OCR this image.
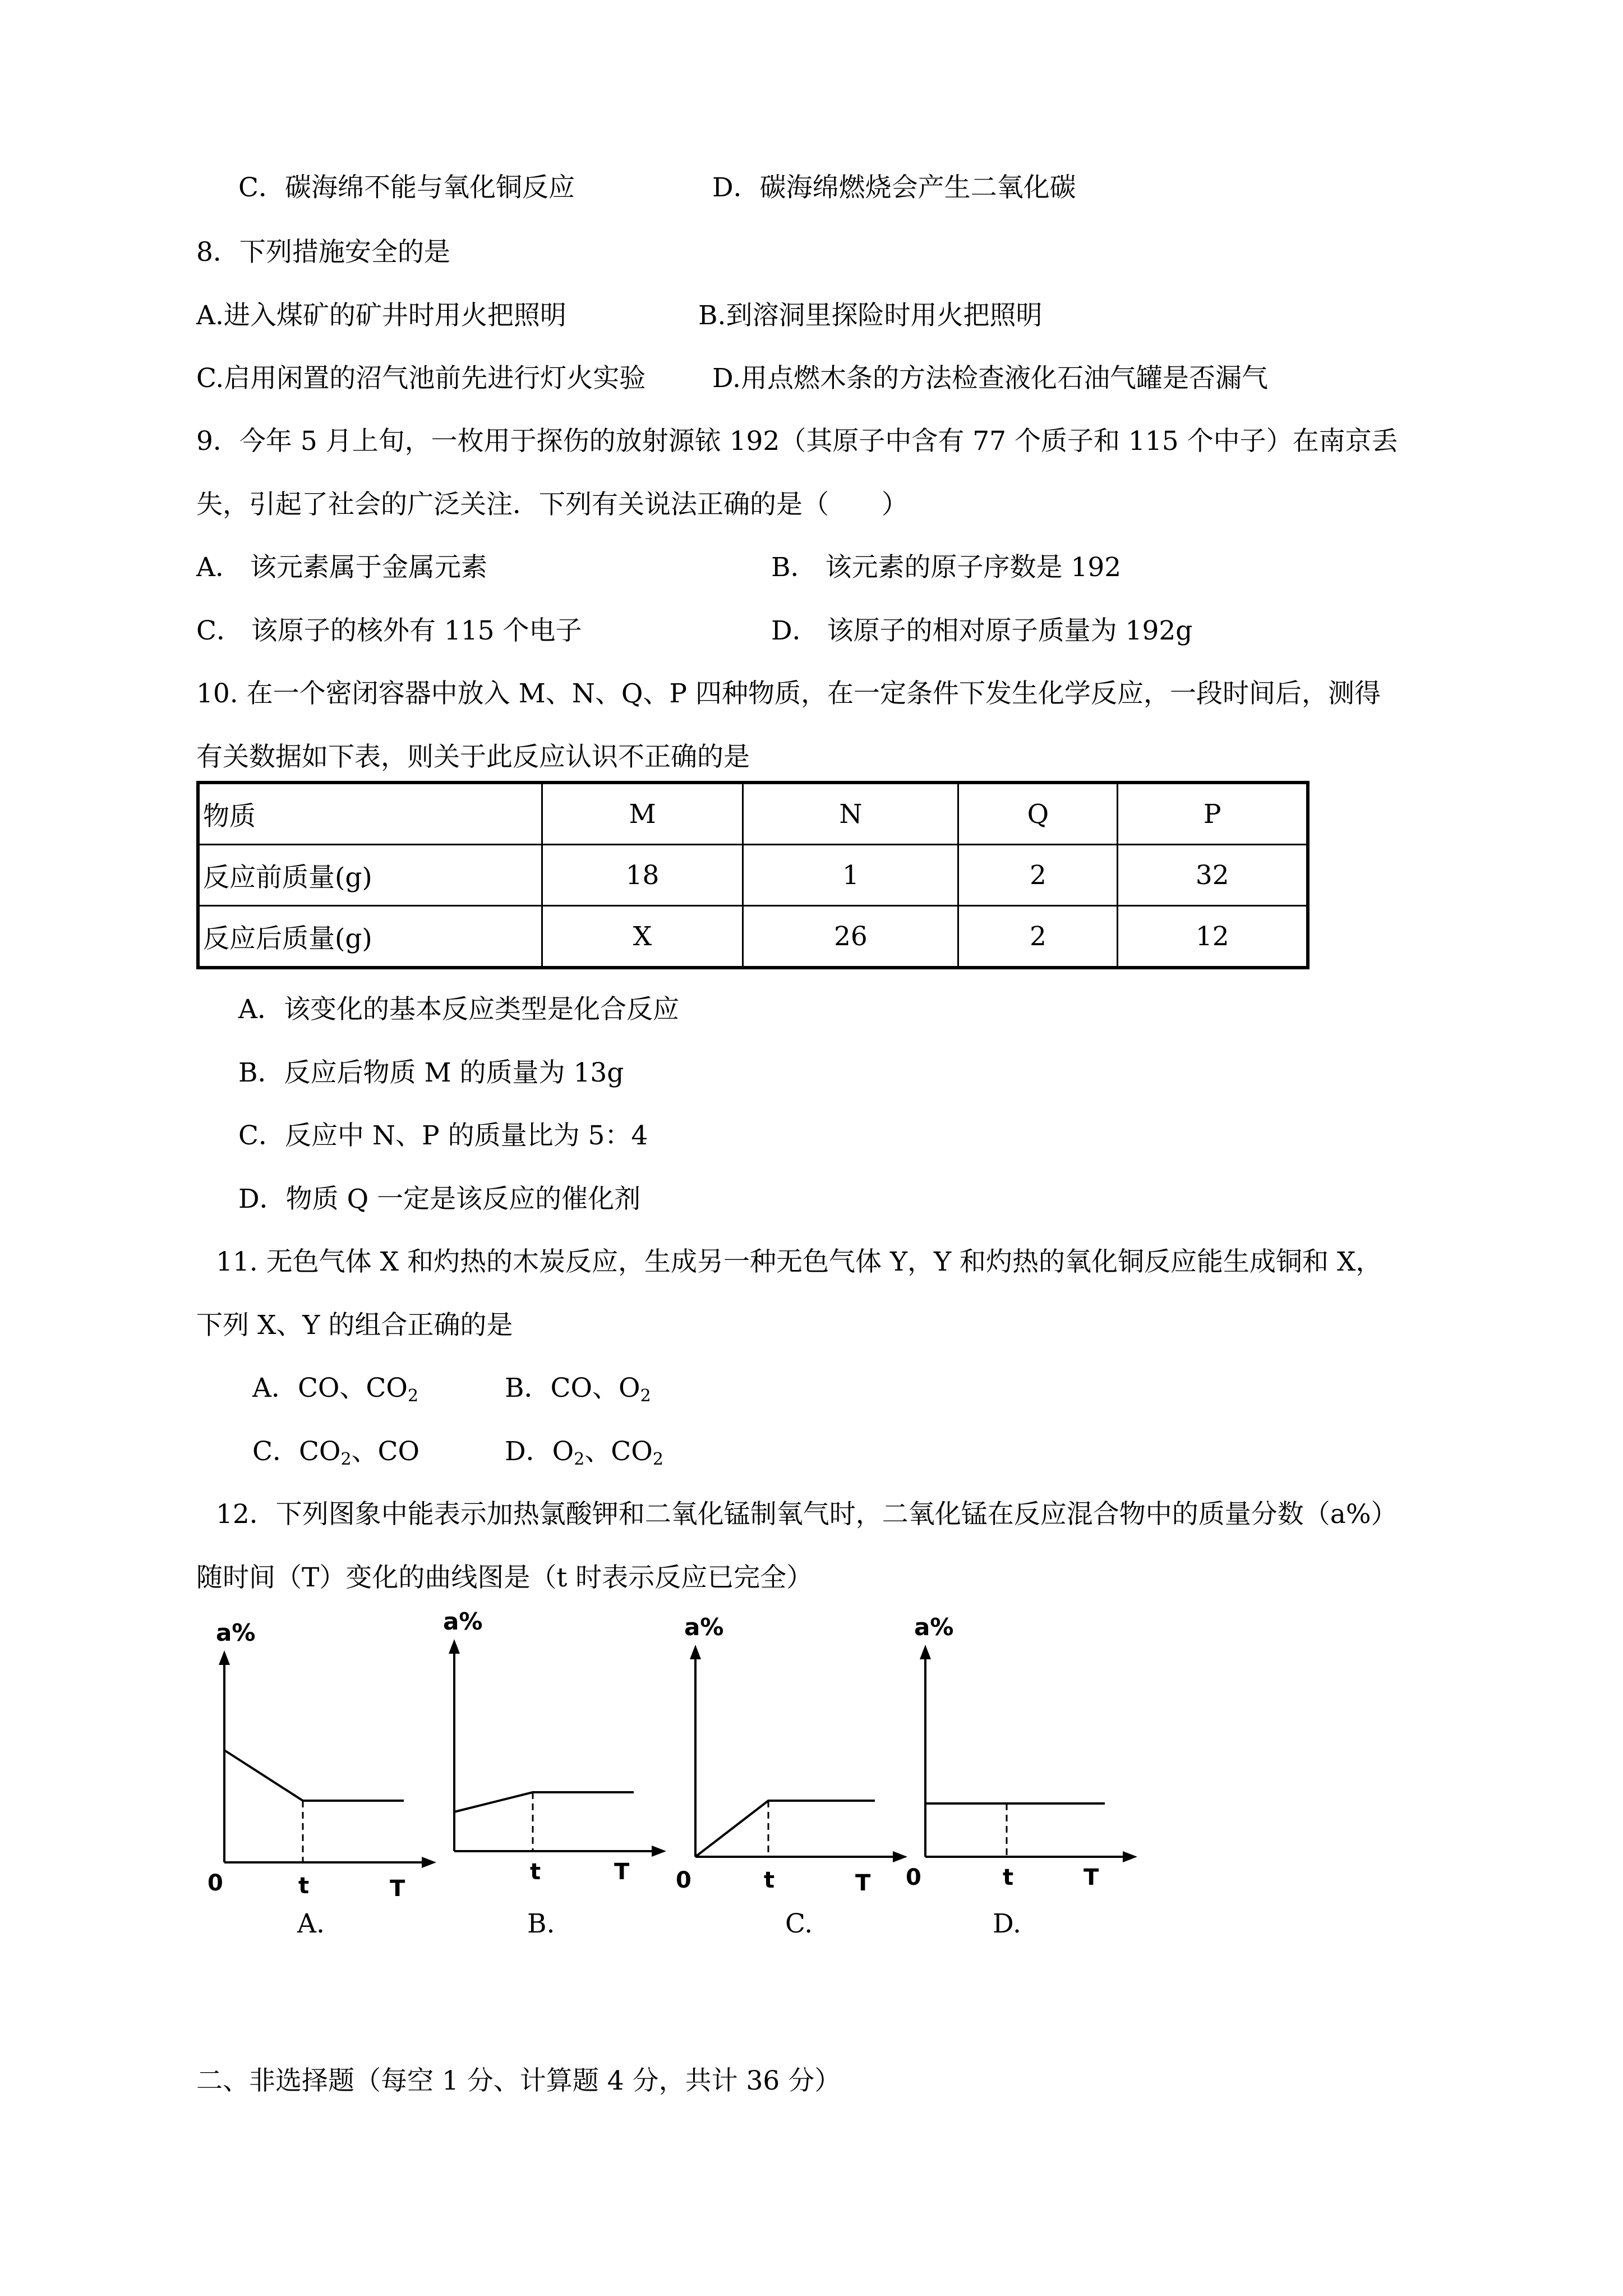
C．碳海绵不能与氧化铜反应	D．碳海绵燃烧会产生二氧化碳
8．下列措施安全的是
A.进入煤矿的矿井时用火把照明	B.到溶洞里探险时用火把照明
C.启用闲置的沼气池前先进行灯火实验	D.用点燃木条的方法检查液化石油气罐是否漏气
9．今年 5 月上旬，一枚用于探伤的放射源铱 192（其原子中含有 77 个质子和 115 个中子）在南京丢
失，引起了社会的广泛关注．下列有关说法正确的是（　　）
A． 该元素属于金属元素	B． 该元素的原子序数是 192
C． 该原子的核外有 115 个电子	D． 该原子的相对原子质量为 192g
10. 在一个密闭容器中放入 M、N、Q、P 四种物质，在一定条件下发生化学反应，一段时间后，测得
有关数据如下表，则关于此反应认识不正确的是
物质	M	N	Q	P
反应前质量(g)	18	1	2	32
反应后质量(g)	X	26	2	12
A．该变化的基本反应类型是化合反应
B．反应后物质 M 的质量为 13g
C．反应中 N、P 的质量比为 5：4
D．物质 Q 一定是该反应的催化剂
11. 无色气体 X 和灼热的木炭反应，生成另一种无色气体 Y，Y 和灼热的氧化铜反应能生成铜和 X，
下列 X、Y 的组合正确的是
A．CO、$CO_2$	B．CO、$O_2$
C．$CO_2$、CO	D．$O_2$、$CO_2$
12．下列图象中能表示加热氯酸钾和二氧化锰制氧气时，二氧化锰在反应混合物中的质量分数（a%）
随时间（T）变化的曲线图是（t 时表示反应已完全）
a%
0	t	T
a%
t	T
a%
0	t	T
a%
0	t	T
A.	B.	C.	D.
二、非选择题（每空 1 分、计算题 4 分，共计 36 分）
